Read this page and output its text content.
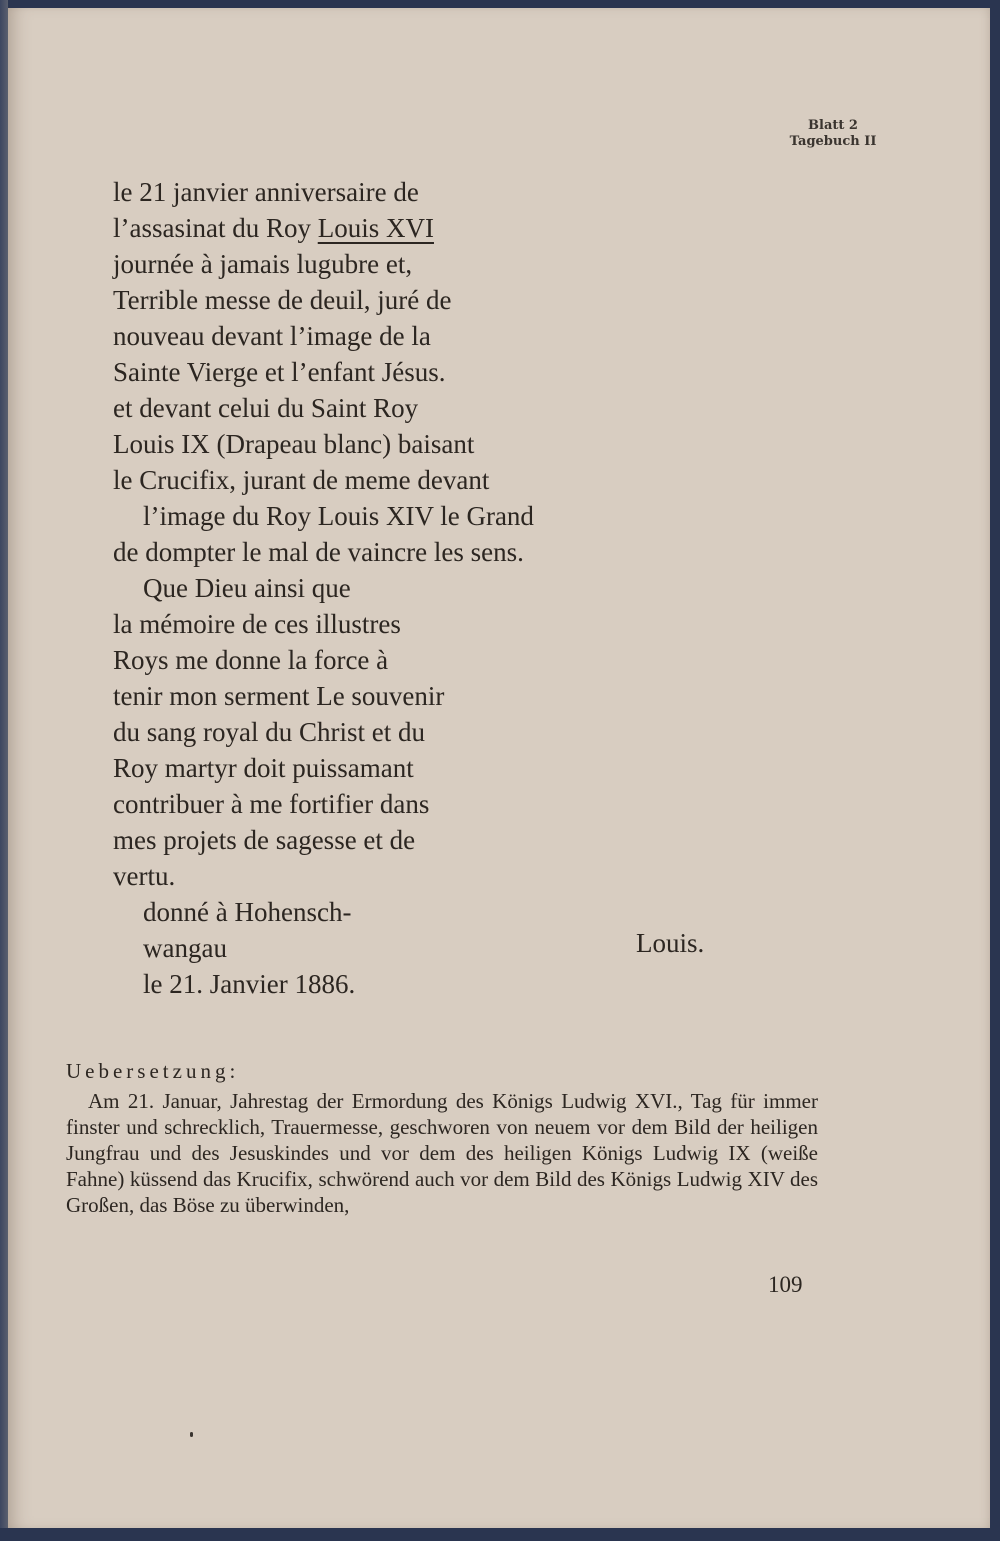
Blatt 2
Tagebuch II
le 21 janvier anniversaire de
l’assasinat du Roy Louis XVI
journée à jamais lugubre et,
Terrible messe de deuil, juré de
nouveau devant l’image de la
Sainte Vierge et l’enfant Jésus.
et devant celui du Saint Roy
Louis IX (Drapeau blanc) baisant
le Crucifix, jurant de meme devant
l’image du Roy Louis XIV le Grand
de dompter le mal de vaincre les sens.
Que Dieu ainsi que
la mémoire de ces illustres
Roys me donne la force à
tenir mon serment Le souvenir
du sang royal du Christ et du
Roy martyr doit puissamant
contribuer à me fortifier dans
mes projets de sagesse et de
vertu.
donné à Hohensch-
wangau
le 21. Janvier 1886.
Louis.
Uebersetzung:

Am 21. Januar, Jahrestag der Ermordung des Königs Ludwig XVI., Tag für immer finster und schrecklich, Trauermesse, geschworen von neuem vor dem Bild der heiligen Jungfrau und des Jesuskindes und vor dem des heiligen Königs Ludwig IX (weiße Fahne) küssend das Krucifix, schwörend auch vor dem Bild des Königs Ludwig XIV des Großen, das Böse zu überwinden,

109
